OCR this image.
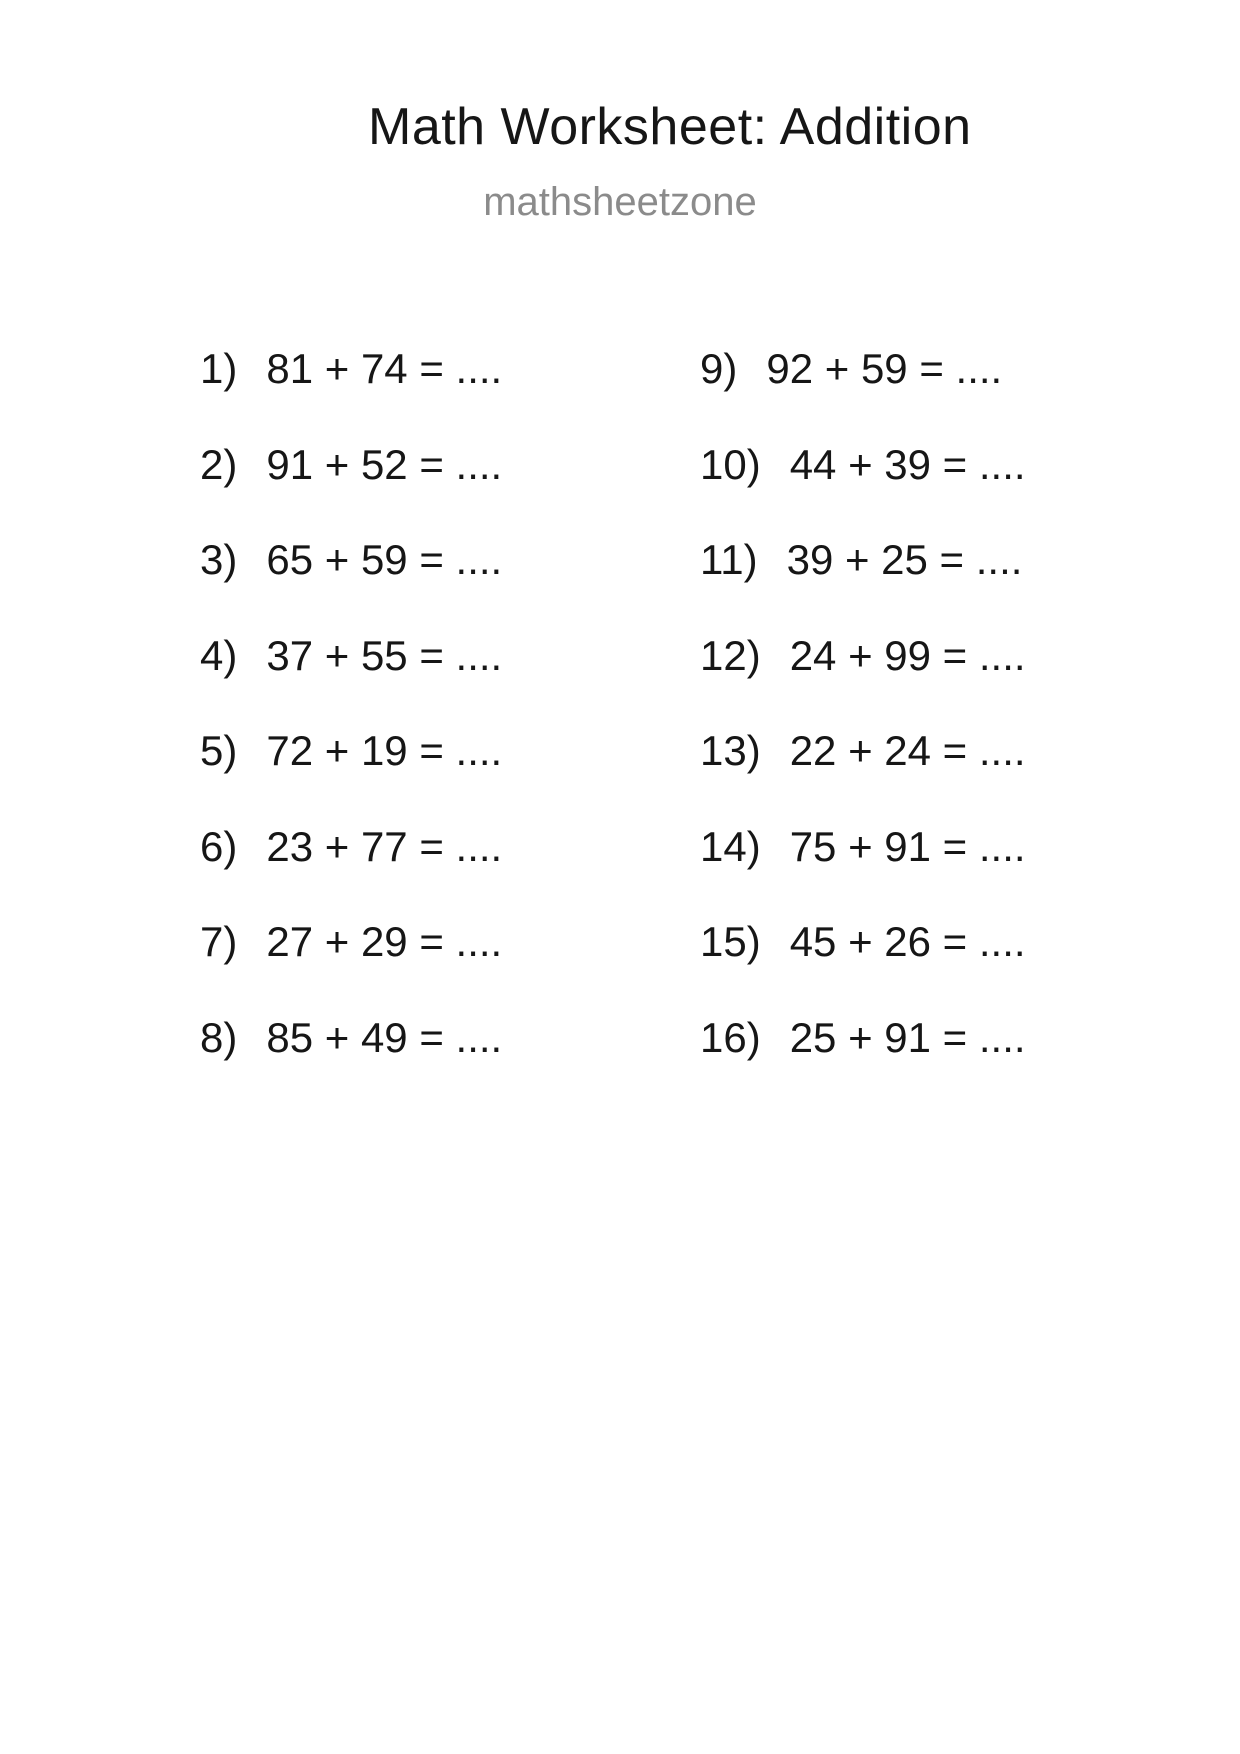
Math Worksheet: Addition
mathsheetzone
1) 81 + 74 = ....
2) 91 + 52 = ....
3) 65 + 59 = ....
4) 37 + 55 = ....
5) 72 + 19 = ....
6) 23 + 77 = ....
7) 27 + 29 = ....
8) 85 + 49 = ....
9) 92 + 59 = ....
10) 44 + 39 = ....
11) 39 + 25 = ....
12) 24 + 99 = ....
13) 22 + 24 = ....
14) 75 + 91 = ....
15) 45 + 26 = ....
16) 25 + 91 = ....
